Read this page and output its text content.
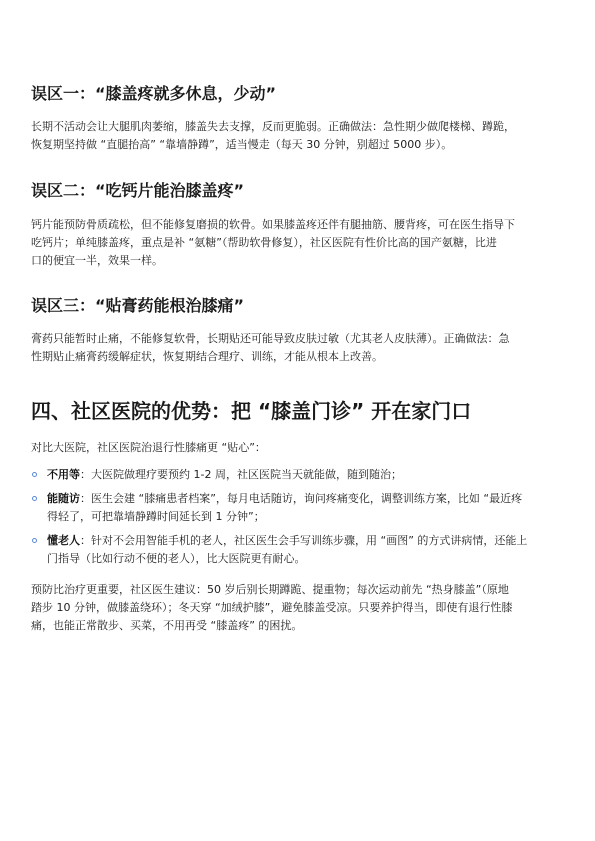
误区一：“膝盖疼就多休息，少动”

长期不活动会让大腿肌肉萎缩，膝盖失去支撑，反而更脆弱。正确做法：急性期少做爬楼梯、蹲跪，
恢复期坚持做 “直腿抬高” “靠墙静蹲”，适当慢走（每天 30 分钟，别超过 5000 步）。

误区二：“吃钙片能治膝盖疼”

钙片能预防骨质疏松，但不能修复磨损的软骨。如果膝盖疼还伴有腿抽筋、腰背疼，可在医生指导下
吃钙片；单纯膝盖疼，重点是补 “氨糖”（帮助软骨修复），社区医院有性价比高的国产氨糖，比进
口的便宜一半，效果一样。

误区三：“贴膏药能根治膝痛”

膏药只能暂时止痛，不能修复软骨，长期贴还可能导致皮肤过敏（尤其老人皮肤薄）。正确做法：急
性期贴止痛膏药缓解症状，恢复期结合理疗、训练，才能从根本上改善。

四、社区医院的优势：把 “膝盖门诊” 开在家门口

对比大医院，社区医院治退行性膝痛更 “贴心”：

不用等：大医院做理疗要预约 1-2 周，社区医院当天就能做，随到随治；
能随访：医生会建 “膝痛患者档案”，每月电话随访，询问疼痛变化，调整训练方案，比如 “最近疼
得轻了，可把靠墙静蹲时间延长到 1 分钟”；
懂老人：针对不会用智能手机的老人，社区医生会手写训练步骤，用 “画图” 的方式讲病情，还能上
门指导（比如行动不便的老人），比大医院更有耐心。

预防比治疗更重要，社区医生建议：50 岁后别长期蹲跪、提重物；每次运动前先 “热身膝盖”（原地
踏步 10 分钟，做膝盖绕环）；冬天穿 “加绒护膝”，避免膝盖受凉。只要养护得当，即使有退行性膝
痛，也能正常散步、买菜，不用再受 “膝盖疼” 的困扰。
